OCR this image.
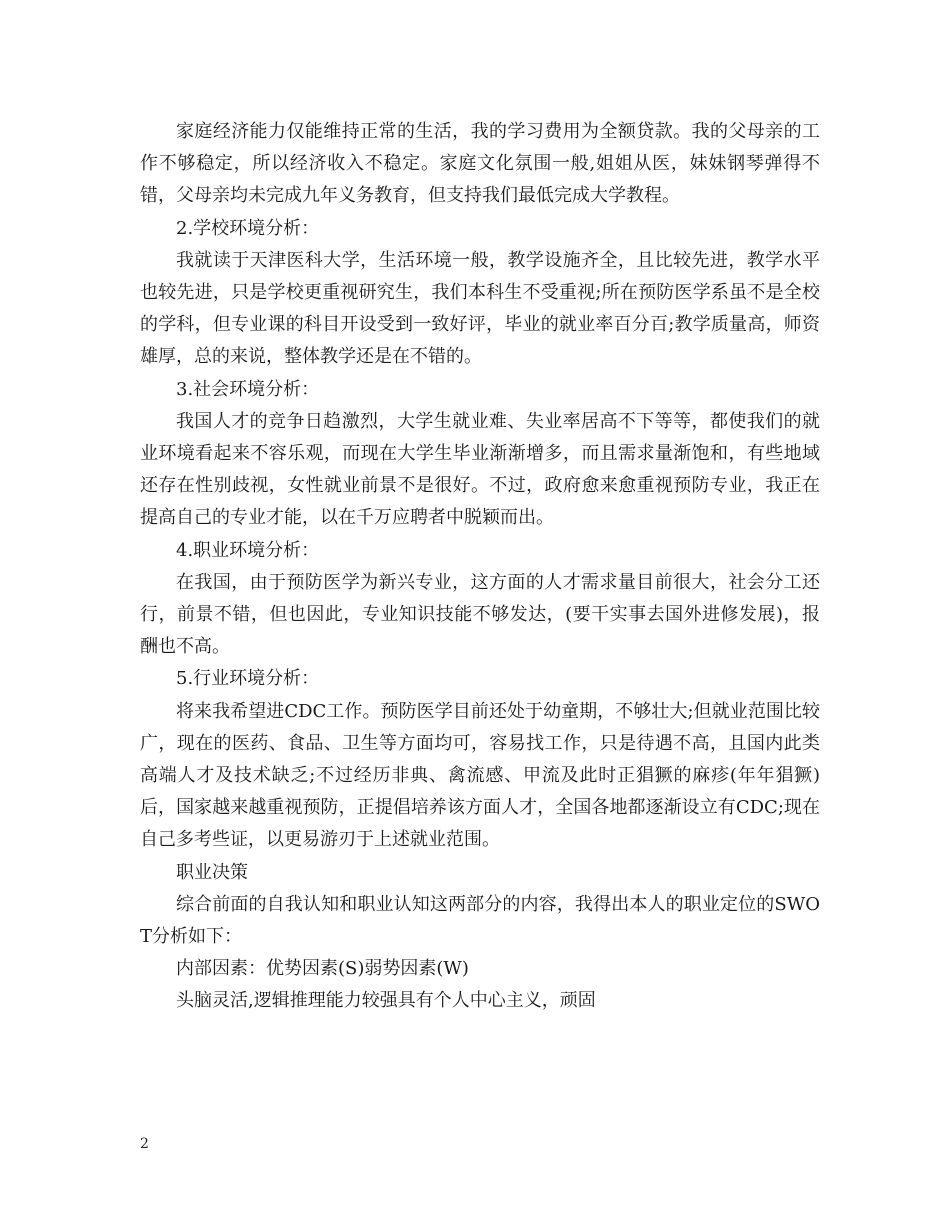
家庭经济能力仅能维持正常的生活，我的学习费用为全额贷款。我的父母亲的工作不够稳定，所以经济收入不稳定。家庭文化氛围一般,姐姐从医，妹妹钢琴弹得不错，父母亲均未完成九年义务教育，但支持我们最低完成大学教程。

2.学校环境分析：

我就读于天津医科大学，生活环境一般，教学设施齐全，且比较先进，教学水平也较先进，只是学校更重视研究生，我们本科生不受重视;所在预防医学系虽不是全校的学科，但专业课的科目开设受到一致好评，毕业的就业率百分百;教学质量高，师资雄厚，总的来说，整体教学还是在不错的。

3.社会环境分析：

我国人才的竞争日趋激烈，大学生就业难、失业率居高不下等等，都使我们的就业环境看起来不容乐观，而现在大学生毕业渐渐增多，而且需求量渐饱和，有些地域还存在性别歧视，女性就业前景不是很好。不过，政府愈来愈重视预防专业，我正在提高自己的专业才能，以在千万应聘者中脱颖而出。

4.职业环境分析：

在我国，由于预防医学为新兴专业，这方面的人才需求量目前很大，社会分工还行，前景不错，但也因此，专业知识技能不够发达，(要干实事去国外进修发展)，报酬也不高。

5.行业环境分析：

将来我希望进CDC工作。预防医学目前还处于幼童期，不够壮大;但就业范围比较广，现在的医药、食品、卫生等方面均可，容易找工作，只是待遇不高，且国内此类高端人才及技术缺乏;不过经历非典、禽流感、甲流及此时正猖獗的麻疹(年年猖獗)后，国家越来越重视预防，正提倡培养该方面人才，全国各地都逐渐设立有CDC;现在自己多考些证，以更易游刃于上述就业范围。

职业决策

综合前面的自我认知和职业认知这两部分的内容，我得出本人的职业定位的SWOT分析如下：

内部因素：优势因素(S)弱势因素(W)

头脑灵活,逻辑推理能力较强具有个人中心主义，顽固

2
